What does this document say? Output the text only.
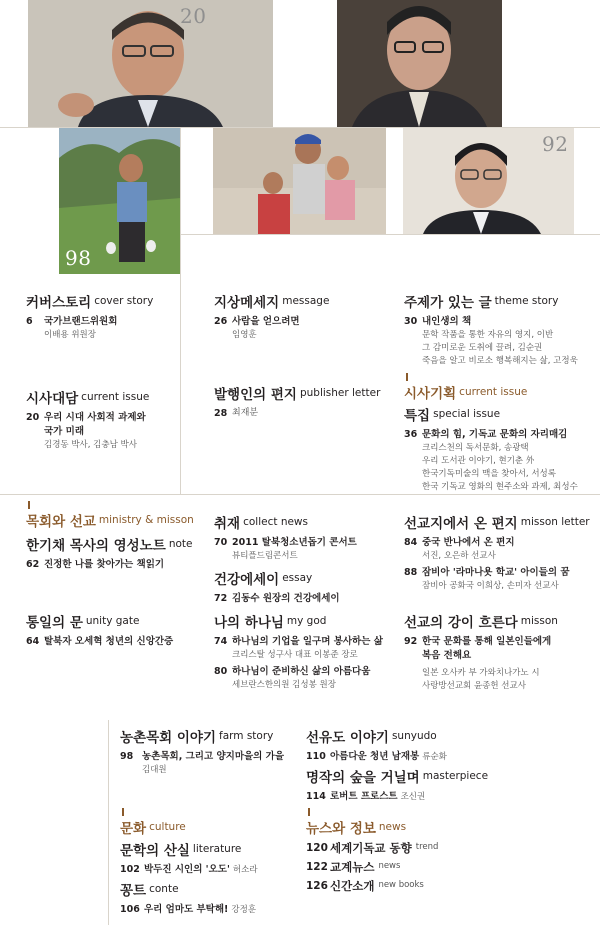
20
98
92
커버스토리 $^{cover story}$
6	국가브랜드위원회
이배용 위원장
시사대담 $^{current issue}$
20 우리 시대 사회적 과제와
국가 미래
김경동 박사, 김충남 박사
지상메세지 $^{message}$
26 사람을 얻으려면
임영훈
발행인의 편지 $^{publisher letter}$
28 최재분
주제가 있는 글 $^{theme story}$
30 내인생의 책
문학 작품을 통한 자유의 영지, 이반
그 감미로운 도취에 끌려, 김순권
죽음을 알고 비로소 행복해지는 삶, 고정욱
시사기획 $^{current issue}$
특집 $^{special issue}$
36 문화의 힘, 기독교 문화의 자리매김
크리스천의 독서문화, 송광택
우리 도서관 이야기, 현기춘 外
한국기독미술의 맥을 찾아서, 서성록
한국 기독교 영화의 현주소와 과제, 최성수
목회와 선교 $^{ministry \& misson}$
한기채 목사의 영성노트 $^{note}$
62 진정한 나를 찾아가는 책읽기
통일의 문 $^{unity gate}$
64 탈북자 오세혁 청년의 신앙간증
취재 $^{collect news}$
70 2011 탈북청소년돕기 콘서트
뷰티플드림콘서트
건강에세이 $^{essay}$
72 김동수 원장의 건강에세이
나의 하나님 $^{my god}$
74 하나님의 기업을 일구며 봉사하는 삶
크리스탈 성구사 대표 이봉준 장로
80 하나님이 준비하신 삶의 아름다움
세브란스한의원 김성봉 원장
선교지에서 온 편지 $^{misson letter}$
84 중국 반나에서 온 편지
서진, 오은하 선교사
88 잠비아 '라마나욧 학교' 아이들의 꿈
잠비아 공화국 이희상, 손미자 선교사
선교의 강이 흐른다 $^{misson}$
92 한국 문화를 통해 일본인들에게
복음 전해요
일본 오사카 부 가와치나가노 시
사랑방선교회 윤종헌 선교사
농촌목회 이야기 $^{farm story}$
98 농촌목회, 그리고 양지마을의 가을
김대원
문화 $^{culture}$
문학의 산실 $^{literature}$
102 박두진 시인의 '오도' 허소라
꽁트 $^{conte}$
106 우리 엄마도 부탁해! 강정훈
선유도 이야기 $^{sunyudo}$
110 아름다운 청년 남재봉 류순화
명작의 숲을 거닐며 $^{masterpiece}$
114 로버트 프로스트 조신권
뉴스와 정보 $^{news}$
120 세계기독교 동향 trend
122 교계뉴스 news
126 신간소개 new books
